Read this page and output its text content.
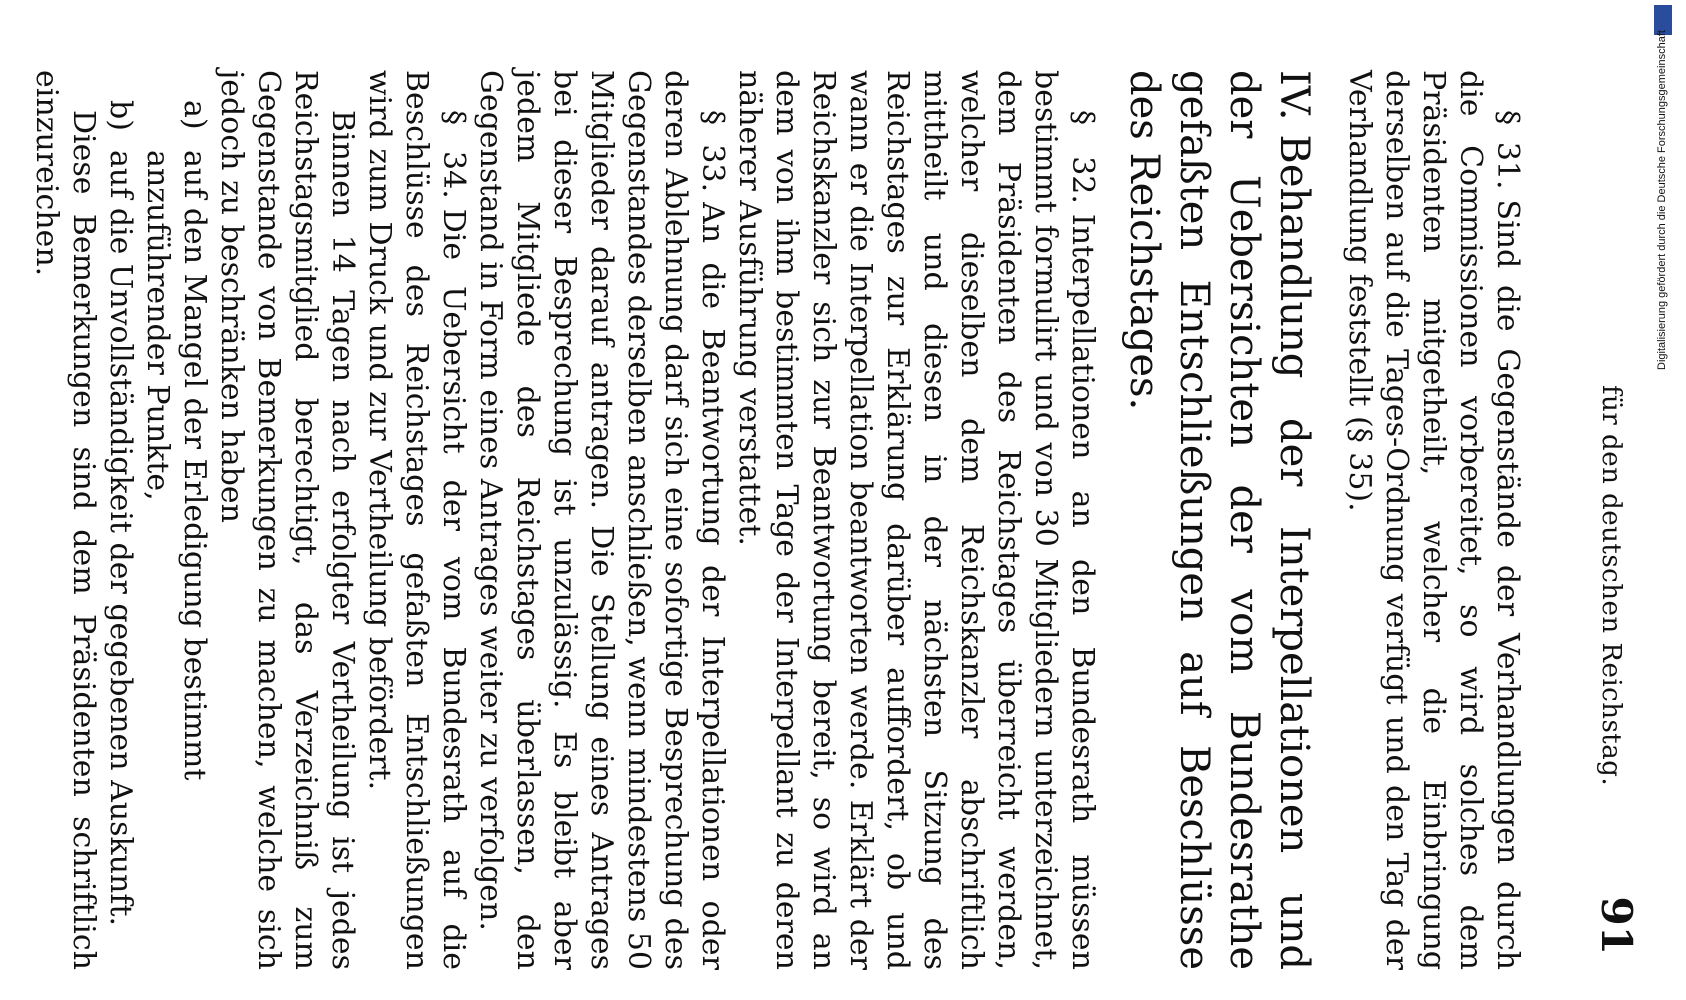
für den deutschen Reichstag.
91

§ 31.Sind die Gegenstände der Verhandlungen durch die Commissionen vorbereitet, so wird solches dem Präsidenten mitgetheilt, welcher die Einbringung derselben auf die Tages-Ordnung verfügt und den Tag der Verhandlung feststellt (§ 35).

IV.Behandlung der Interpellationen und der Uebersichten der vom Bundesrathe gefaßten Entschließungen auf Beschlüsse des Reichstages.

§ 32.Interpellationen an den Bundesrath müssen bestimmt formulirt und von 30 Mitgliedern unterzeichnet, dem Präsidenten des Reichstages überreicht werden, welcher dieselben dem Reichskanzler abschriftlich mittheilt und diesen in der nächsten Sitzung des Reichstages zur Erklärung darüber auffordert, ob und wann er die Interpellation beantworten werde. Erklärt der Reichskanzler sich zur Beantwortung bereit, so wird an dem von ihm bestimmten Tage der Interpellant zu deren näherer Ausführung verstattet.

§ 33.An die Beantwortung der Interpellationen oder deren Ablehnung darf sich eine sofortige Besprechung des Gegenstandes derselben anschließen, wenn mindestens 50 Mitglieder darauf antragen. Die Stellung eines Antrages bei dieser Besprechung ist unzulässig. Es bleibt aber jedem Mitgliede des Reichstages überlassen, den Gegenstand in Form eines Antrages weiter zu verfolgen.

§ 34.Die Uebersicht der vom Bundesrath auf die Beschlüsse des Reichstages gefaßten Entschließungen wird zum Druck und zur Vertheilung befördert.

Binnen 14 Tagen nach erfolgter Vertheilung ist jedes Reichstagsmitglied berechtigt, das Verzeichniß zum Gegenstande von Bemerkungen zu machen, welche sich jedoch zu beschränken haben

a)
auf den Mangel der Erledigung bestimmt anzuführender Punkte,
b)
auf die Unvollständigkeit der gegebenen Auskunft.

Diese Bemerkungen sind dem Präsidenten schriftlich einzureichen.	Digitalisierung gefördert durch die Deutsche Forschungsgemeinschaft
